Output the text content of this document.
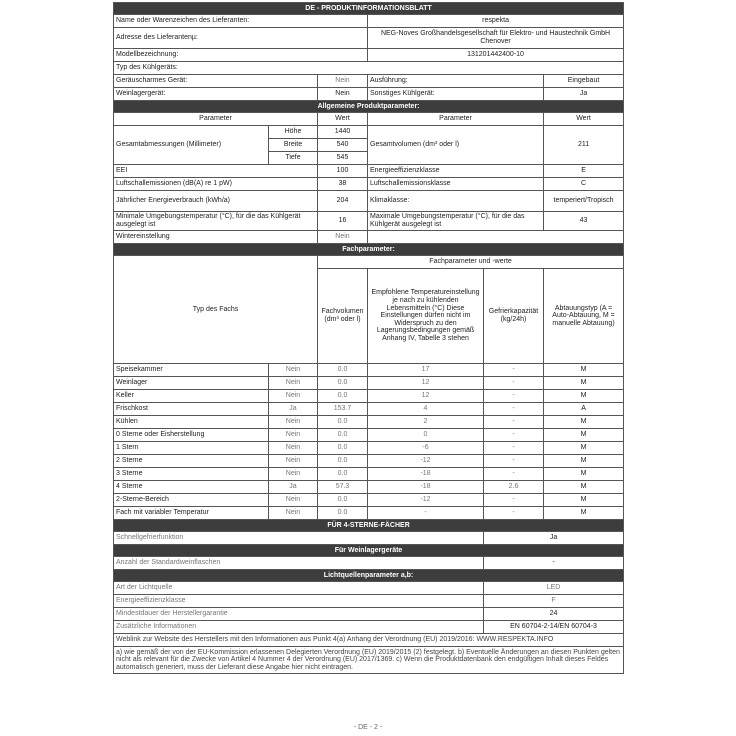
DE - PRODUKTINFORMATIONSBLATT					
Name oder Warenzeichen des Lieferanten:			respekta		
Adresse des Lieferantenµ:			NEG-Noves Großhandelsgesellschaft für Elektro- und Haustechnik GmbH Chenover		
Modellbezeichnung:			131201442400-10		
Typ des Kühlgeräts:					
Geräuscharmes Gerät:		Nein	Ausführung:		Eingebaut
Weinlagergerät:		Nein	Sonstiges Kühlgerät:		Ja
Allgemeine Produktparameter:					
Parameter		Wert	Parameter		Wert
Gesamtabmessungen (Millimeter)	Höhe	1440	Gesamtvolumen (dm³ oder l)		211
	Breite	540			
	Tiefe	545			
EEI		100	Energieeffizienzklasse		E
Luftschallemissionen (dB(A) re 1 pW)		38	Luftschallemissionsklasse		C
Jährlicher Energieverbrauch (kWh/a)		204	Klimaklasse:		temperiert/Tropisch
Minimale Umgebungstemperatur (°C), für die das Kühlgerät ausgelegt ist		16	Maximale Umgebungstemperatur (°C), für die das Kühlgerät ausgelegt ist		43
Wintereinstellung		Nein			
Fachparameter:					
Typ des Fachs		Fachparameter und -werte			
		Fachvolumen (dm³ oder l)	Empfohlene Temperatureinstellung je nach zu kühlenden Lebensmitteln (°C) Diese Einstellungen dürfen nicht im Widerspruch zu den Lagerungsbedingungen gemäß Anhang IV, Tabelle 3 stehen	Gefrierkapazität (kg/24h)	Abtauungstyp (A = Auto-Abtauung, M = manuelle Abtauung)
Speisekammer	Nein	0.0	17	-	M
Weinlager	Nein	0.0	12	-	M
Keller	Nein	0.0	12	-	M
Frischkost	Ja	153.7	4	-	A
Kühlen	Nein	0.0	2	-	M
0 Sterne oder Eisherstellung	Nein	0.0	0	-	M
1 Stern	Nein	0.0	-6	-	M
2 Sterne	Nein	0.0	-12	-	M
3 Sterne	Nein	0.0	-18	-	M
4 Sterne	Ja	57.3	-18	2.6	M
2-Sterne-Bereich	Nein	0.0	-12	-	M
Fach mit variabler Temperatur	Nein	0.0	-	-	M
FÜR 4-STERNE-FÄCHER					
Schnellgefrierfunktion				Ja	
Für Weinlagergeräte					
Anzahl der Standardweinflaschen				-	
Lichtquellenparameter a,b:					
Art der Lichtquelle				LED	
Energieeffizienzklasse				F	
Mindestdauer der Herstellergarantie				24	
Zusätzliche Informationen				EN 60704-2-14/EN 60704-3	
Weblink zur Website des Herstellers mit den Informationen aus Punkt 4(a) Anhang der Verordnung (EU) 2019/2016: WWW.RESPEKTA.INFO					
a) wie gemäß der von der EU-Kommission erlassenen Delegierten Verordnung (EU) 2019/2015 (2) festgelegt. b) Eventuelle Änderungen an diesen Punkten gelten nicht als relevant für die Zwecke von Artikel 4 Nummer 4 der Verordnung (EU) 2017/1369. c) Wenn die Produktdatenbank den endgültigen Inhalt dieses Feldes automatisch generiert, muss der Lieferant diese Angabe hier nicht eintragen.					
- DE - 2 -
